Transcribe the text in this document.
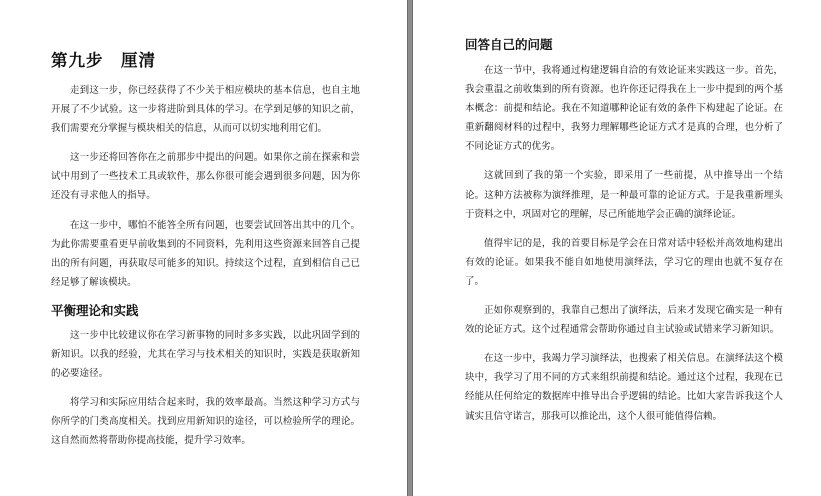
第九步　厘清

走到这一步，你已经获得了不少关于相应模块的基本信息，也自主地开展了不少试验。这一步将进阶到具体的学习。在学到足够的知识之前，我们需要充分掌握与模块相关的信息，从而可以切实地利用它们。

这一步还将回答你在之前那步中提出的问题。如果你之前在探索和尝试中用到了一些技术工具或软件，那么你很可能会遇到很多问题，因为你还没有寻求他人的指导。

在这一步中，哪怕不能答全所有问题，也要尝试回答出其中的几个。为此你需要重看更早前收集到的不同资料，先利用这些资源来回答自己提出的所有问题，再获取尽可能多的知识。持续这个过程，直到相信自己已经足够了解该模块。

平衡理论和实践

这一步中比较建议你在学习新事物的同时多多实践，以此巩固学到的新知识。以我的经验，尤其在学习与技术相关的知识时，实践是获取新知的必要途径。

将学习和实际应用结合起来时，我的效率最高。当然这种学习方式与你所学的门类高度相关。找到应用新知识的途径，可以检验所学的理论。这自然而然将帮助你提高技能，提升学习效率。

回答自己的问题

在这一节中，我将通过构建逻辑自洽的有效论证来实践这一步。首先，我会重温之前收集到的所有资源。也许你还记得我在上一步中提到的两个基本概念：前提和结论。我在不知道哪种论证有效的条件下构建起了论证。在重新翻阅材料的过程中，我努力理解哪些论证方式才是真的合理，也分析了不同论证方式的优劣。

这就回到了我的第一个实验，即采用了一些前提，从中推导出一个结论。这种方法被称为演绎推理，是一种最可靠的论证方式。于是我重新埋头于资料之中，巩固对它的理解，尽己所能地学会正确的演绎论证。

值得牢记的是，我的首要目标是学会在日常对话中轻松并高效地构建出有效的论证。如果我不能自如地使用演绎法，学习它的理由也就不复存在了。

正如你观察到的，我靠自己想出了演绎法，后来才发现它确实是一种有效的论证方式。这个过程通常会帮助你通过自主试验或试错来学习新知识。

在这一步中，我竭力学习演绎法，也搜索了相关信息。在演绎法这个模块中，我学习了用不同的方式来组织前提和结论。通过这个过程，我现在已经能从任何给定的数据库中推导出合乎逻辑的结论。比如大家告诉我这个人诚实且信守诺言，那我可以推论出，这个人很可能值得信赖。
